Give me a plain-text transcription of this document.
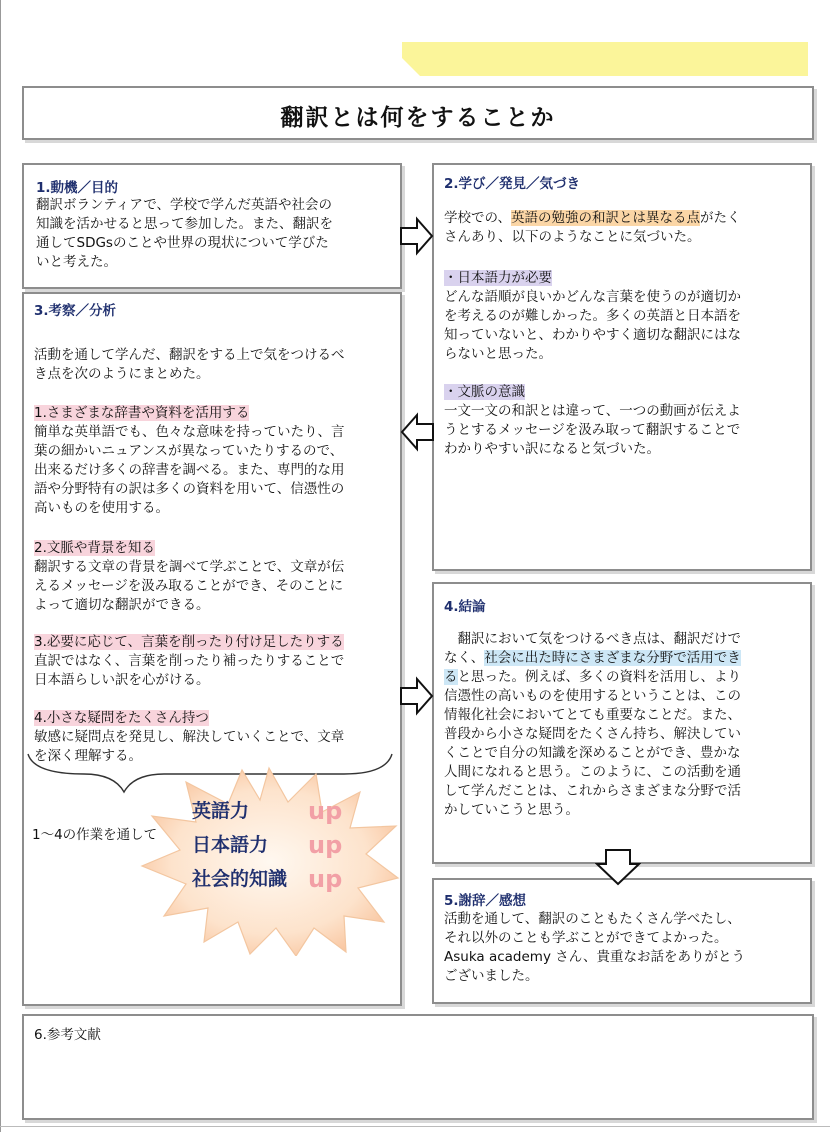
翻訳とは何をすることか
1.動機／目的
翻訳ボランティアで、学校で学んだ英語や社会の
知識を活かせると思って参加した。また、翻訳を
通してSDGsのことや世界の現状について学びた
いと考えた。
2.学び／発見／気づき
学校での、英語の勉強の和訳とは異なる点がたく
さんあり、以下のようなことに気づいた。
・日本語力が必要
どんな語順が良いかどんな言葉を使うのが適切か
を考えるのが難しかった。多くの英語と日本語を
知っていないと、わかりやすく適切な翻訳にはな
らないと思った。
・文脈の意識
一文一文の和訳とは違って、一つの動画が伝えよ
うとするメッセージを汲み取って翻訳することで
わかりやすい訳になると気づいた。
3.考察／分析
活動を通して学んだ、翻訳をする上で気をつけるべ
き点を次のようにまとめた。
1.さまざまな辞書や資料を活用する
簡単な英単語でも、色々な意味を持っていたり、言
葉の細かいニュアンスが異なっていたりするので、
出来るだけ多くの辞書を調べる。また、専門的な用
語や分野特有の訳は多くの資料を用いて、信憑性の
高いものを使用する。
2.文脈や背景を知る
翻訳する文章の背景を調べて学ぶことで、文章が伝
えるメッセージを汲み取ることができ、そのことに
よって適切な翻訳ができる。
3.必要に応じて、言葉を削ったり付け足したりする
直訳ではなく、言葉を削ったり補ったりすることで
日本語らしい訳を心がける。
4.小さな疑問をたくさん持つ
敏感に疑問点を発見し、解決していくことで、文章
を深く理解する。
1～4の作業を通して
英語力
日本語力
社会的知識
up
up
up
4.結論
　翻訳において気をつけるべき点は、翻訳だけで
なく、社会に出た時にさまざまな分野で活用でき
ると思った。例えば、多くの資料を活用し、より
信憑性の高いものを使用するということは、この
情報化社会においてとても重要なことだ。また、
普段から小さな疑問をたくさん持ち、解決してい
くことで自分の知識を深めることができ、豊かな
人間になれると思う。このように、この活動を通
して学んだことは、これからさまざまな分野で活
かしていこうと思う。
5.謝辞／感想
活動を通して、翻訳のこともたくさん学べたし、
それ以外のことも学ぶことができてよかった。
Asuka academy さん、貴重なお話をありがとう
ございました。
6.参考文献
